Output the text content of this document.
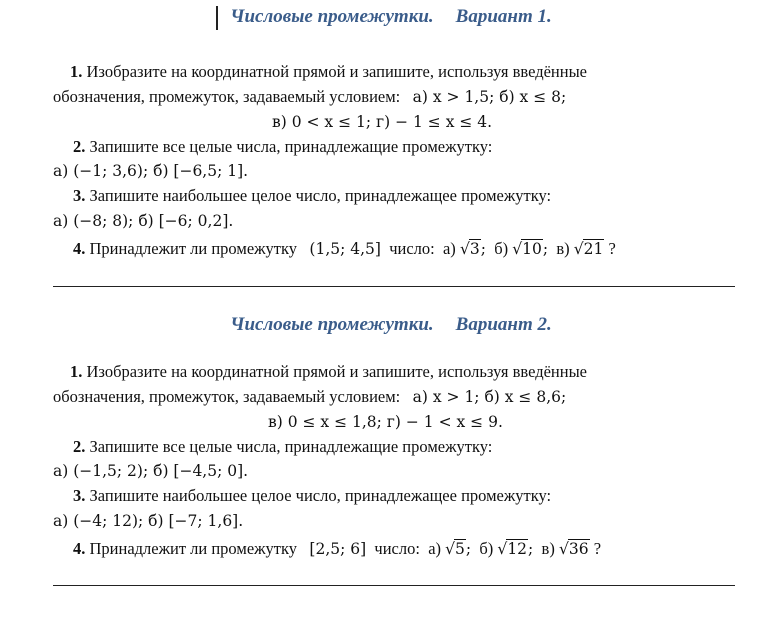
Числовые промежутки. Вариант 1.
1. Изобразите на координатной прямой и запишите, используя введённые
обозначения, промежуток, задаваемый условием: а) x > 1,5; б) x ≤ 8;
в) 0 < x ≤ 1; г) − 1 ≤ x ≤ 4.
2. Запишите все целые числа, принадлежащие промежутку:
а) (−1; 3,6); б) [−6,5; 1].
3. Запишите наибольшее целое число, принадлежащее промежутку:
а) (−8; 8); б) [−6; 0,2].
4. Принадлежит ли промежутку (1,5; 4,5] число: а) √3; б) √10; в) √21 ?
Числовые промежутки. Вариант 2.
1. Изобразите на координатной прямой и запишите, используя введённые
обозначения, промежуток, задаваемый условием: а) x > 1; б) x ≤ 8,6;
в) 0 ≤ x ≤ 1,8; г) − 1 < x ≤ 9.
2. Запишите все целые числа, принадлежащие промежутку:
а) (−1,5; 2); б) [−4,5; 0].
3. Запишите наибольшее целое число, принадлежащее промежутку:
а) (−4; 12); б) [−7; 1,6].
4. Принадлежит ли промежутку [2,5; 6] число: а) √5; б) √12; в) √36 ?
